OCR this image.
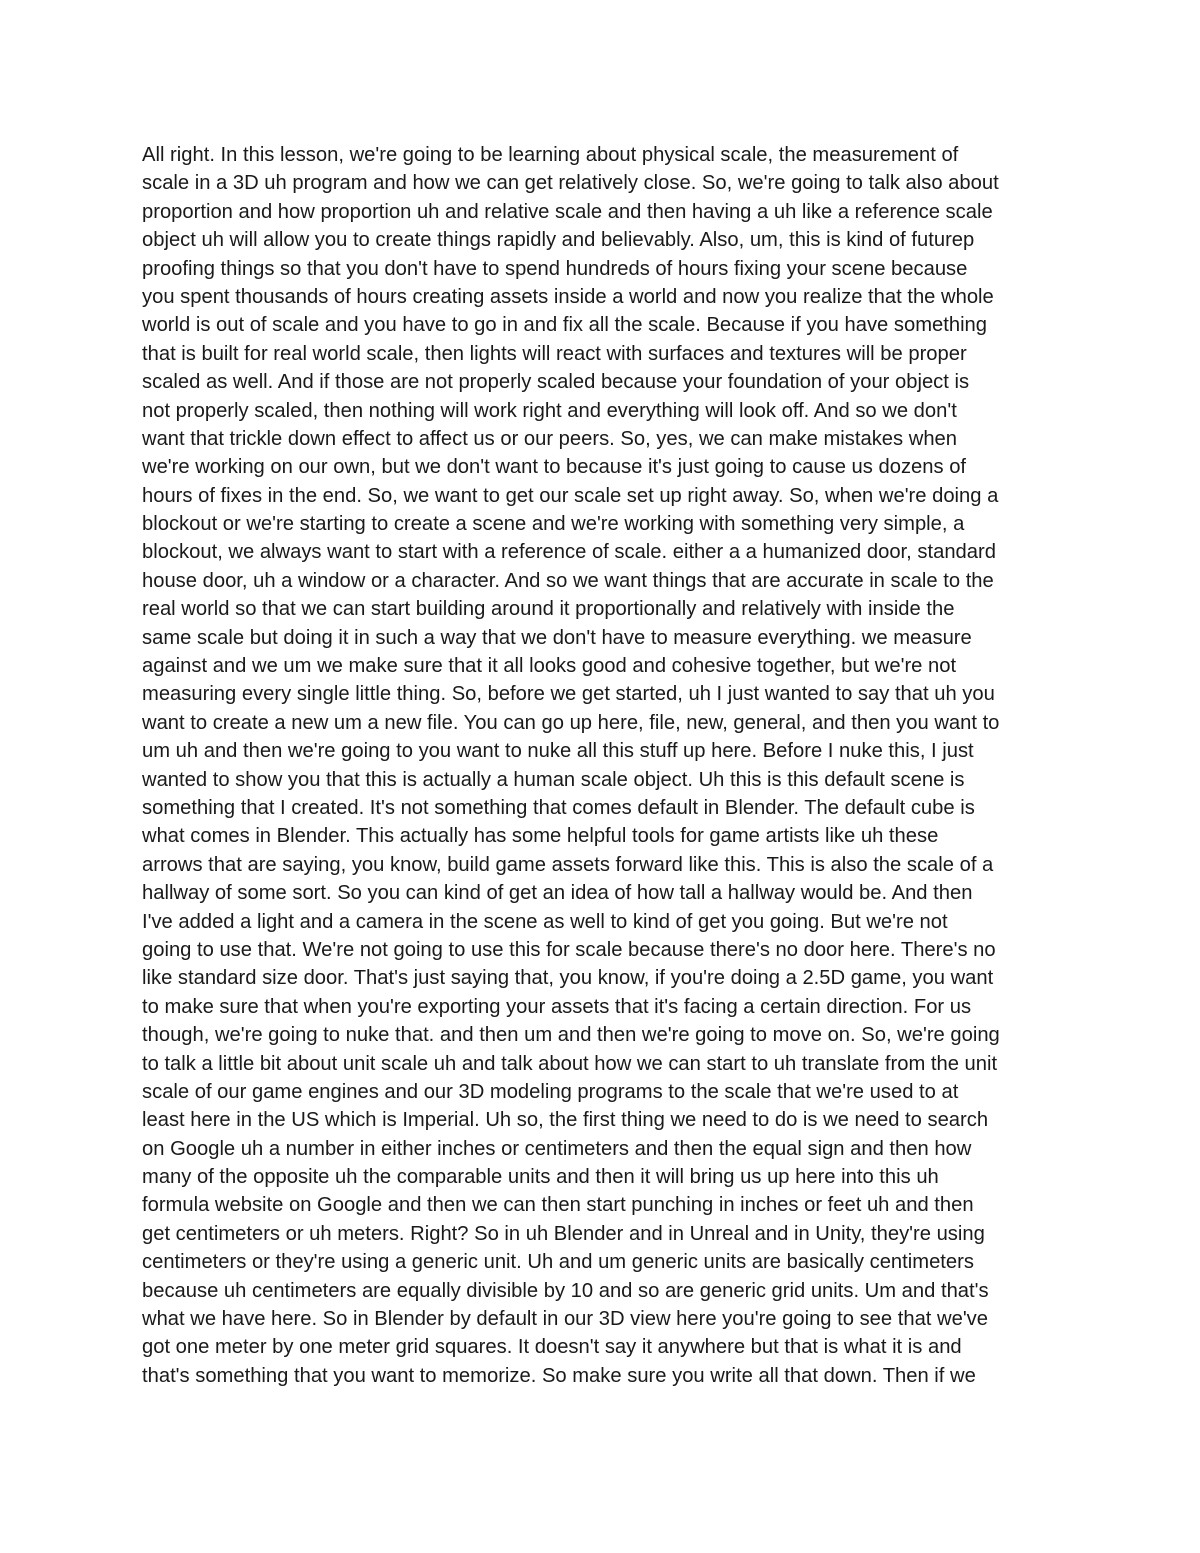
All right. In this lesson, we're going to be learning about physical scale, the measurement of
scale in a 3D uh program and how we can get relatively close. So, we're going to talk also about
proportion and how proportion uh and relative scale and then having a uh like a reference scale
object uh will allow you to create things rapidly and believably. Also, um, this is kind of futurep
proofing things so that you don't have to spend hundreds of hours fixing your scene because
you spent thousands of hours creating assets inside a world and now you realize that the whole
world is out of scale and you have to go in and fix all the scale. Because if you have something
that is built for real world scale, then lights will react with surfaces and textures will be proper
scaled as well. And if those are not properly scaled because your foundation of your object is
not properly scaled, then nothing will work right and everything will look off. And so we don't
want that trickle down effect to affect us or our peers. So, yes, we can make mistakes when
we're working on our own, but we don't want to because it's just going to cause us dozens of
hours of fixes in the end. So, we want to get our scale set up right away. So, when we're doing a
blockout or we're starting to create a scene and we're working with something very simple, a
blockout, we always want to start with a reference of scale. either a a humanized door, standard
house door, uh a window or a character. And so we want things that are accurate in scale to the
real world so that we can start building around it proportionally and relatively with inside the
same scale but doing it in such a way that we don't have to measure everything. we measure
against and we um we make sure that it all looks good and cohesive together, but we're not
measuring every single little thing. So, before we get started, uh I just wanted to say that uh you
want to create a new um a new file. You can go up here, file, new, general, and then you want to
um uh and then we're going to you want to nuke all this stuff up here. Before I nuke this, I just
wanted to show you that this is actually a human scale object. Uh this is this default scene is
something that I created. It's not something that comes default in Blender. The default cube is
what comes in Blender. This actually has some helpful tools for game artists like uh these
arrows that are saying, you know, build game assets forward like this. This is also the scale of a
hallway of some sort. So you can kind of get an idea of how tall a hallway would be. And then
I've added a light and a camera in the scene as well to kind of get you going. But we're not
going to use that. We're not going to use this for scale because there's no door here. There's no
like standard size door. That's just saying that, you know, if you're doing a 2.5D game, you want
to make sure that when you're exporting your assets that it's facing a certain direction. For us
though, we're going to nuke that. and then um and then we're going to move on. So, we're going
to talk a little bit about unit scale uh and talk about how we can start to uh translate from the unit
scale of our game engines and our 3D modeling programs to the scale that we're used to at
least here in the US which is Imperial. Uh so, the first thing we need to do is we need to search
on Google uh a number in either inches or centimeters and then the equal sign and then how
many of the opposite uh the comparable units and then it will bring us up here into this uh
formula website on Google and then we can then start punching in inches or feet uh and then
get centimeters or uh meters. Right? So in uh Blender and in Unreal and in Unity, they're using
centimeters or they're using a generic unit. Uh and um generic units are basically centimeters
because uh centimeters are equally divisible by 10 and so are generic grid units. Um and that's
what we have here. So in Blender by default in our 3D view here you're going to see that we've
got one meter by one meter grid squares. It doesn't say it anywhere but that is what it is and
that's something that you want to memorize. So make sure you write all that down. Then if we
